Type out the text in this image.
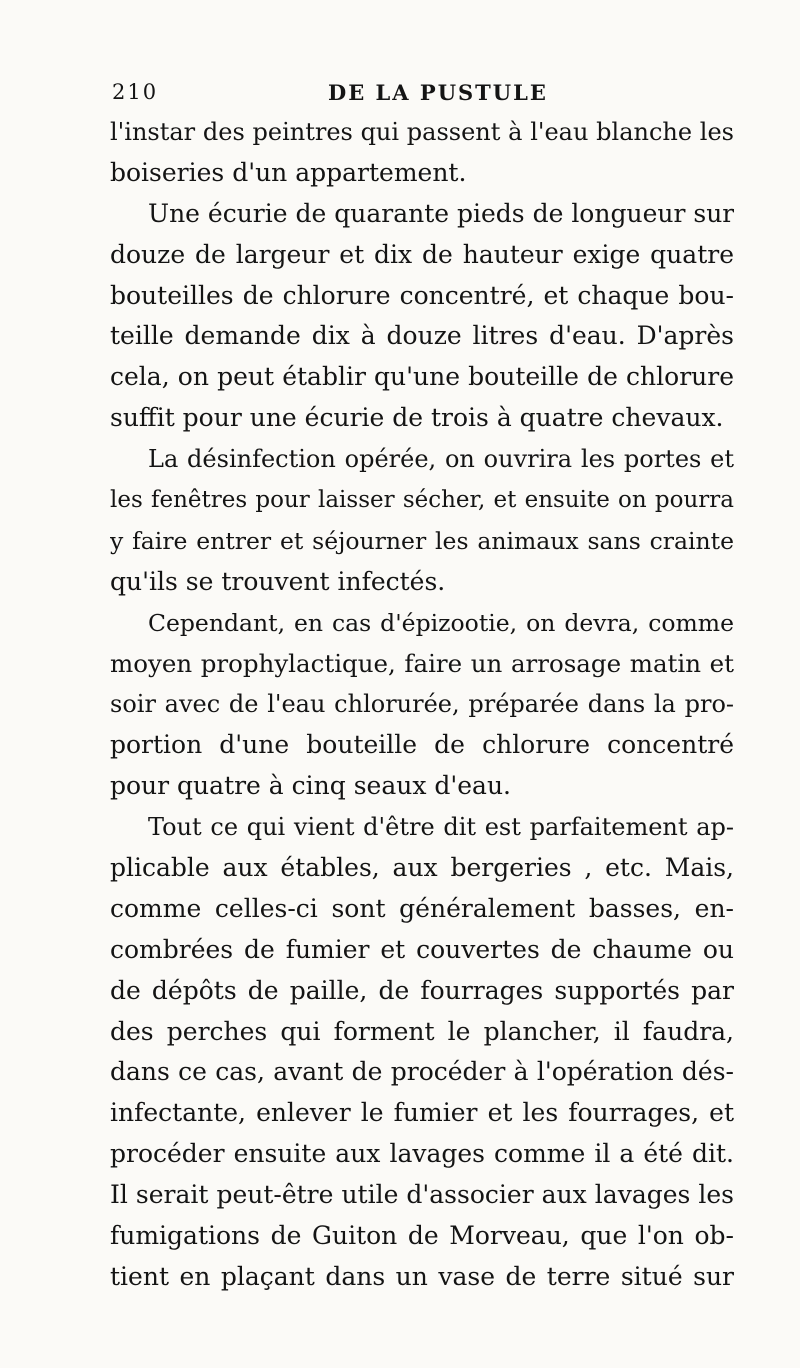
210	DE LA PUSTULE
l'instar des peintres qui passent à l'eau blanche les
boiseries d'un appartement.
Une écurie de quarante pieds de longueur sur
douze de largeur et dix de hauteur exige quatre
bouteilles de chlorure concentré, et chaque bou-
teille demande dix à douze litres d'eau. D'après
cela, on peut établir qu'une bouteille de chlorure
suffit pour une écurie de trois à quatre chevaux.
La désinfection opérée, on ouvrira les portes et
les fenêtres pour laisser sécher, et ensuite on pourra
y faire entrer et séjourner les animaux sans crainte
qu'ils se trouvent infectés.
Cependant, en cas d'épizootie, on devra, comme
moyen prophylactique, faire un arrosage matin et
soir avec de l'eau chlorurée, préparée dans la pro-
portion d'une bouteille de chlorure concentré
pour quatre à cinq seaux d'eau.
Tout ce qui vient d'être dit est parfaitement ap-
plicable aux étables, aux bergeries , etc. Mais,
comme celles-ci sont généralement basses, en-
combrées de fumier et couvertes de chaume ou
de dépôts de paille, de fourrages supportés par
des perches qui forment le plancher, il faudra,
dans ce cas, avant de procéder à l'opération dés-
infectante, enlever le fumier et les fourrages, et
procéder ensuite aux lavages comme il a été dit.
Il serait peut-être utile d'associer aux lavages les
fumigations de Guiton de Morveau, que l'on ob-
tient en plaçant dans un vase de terre situé sur
